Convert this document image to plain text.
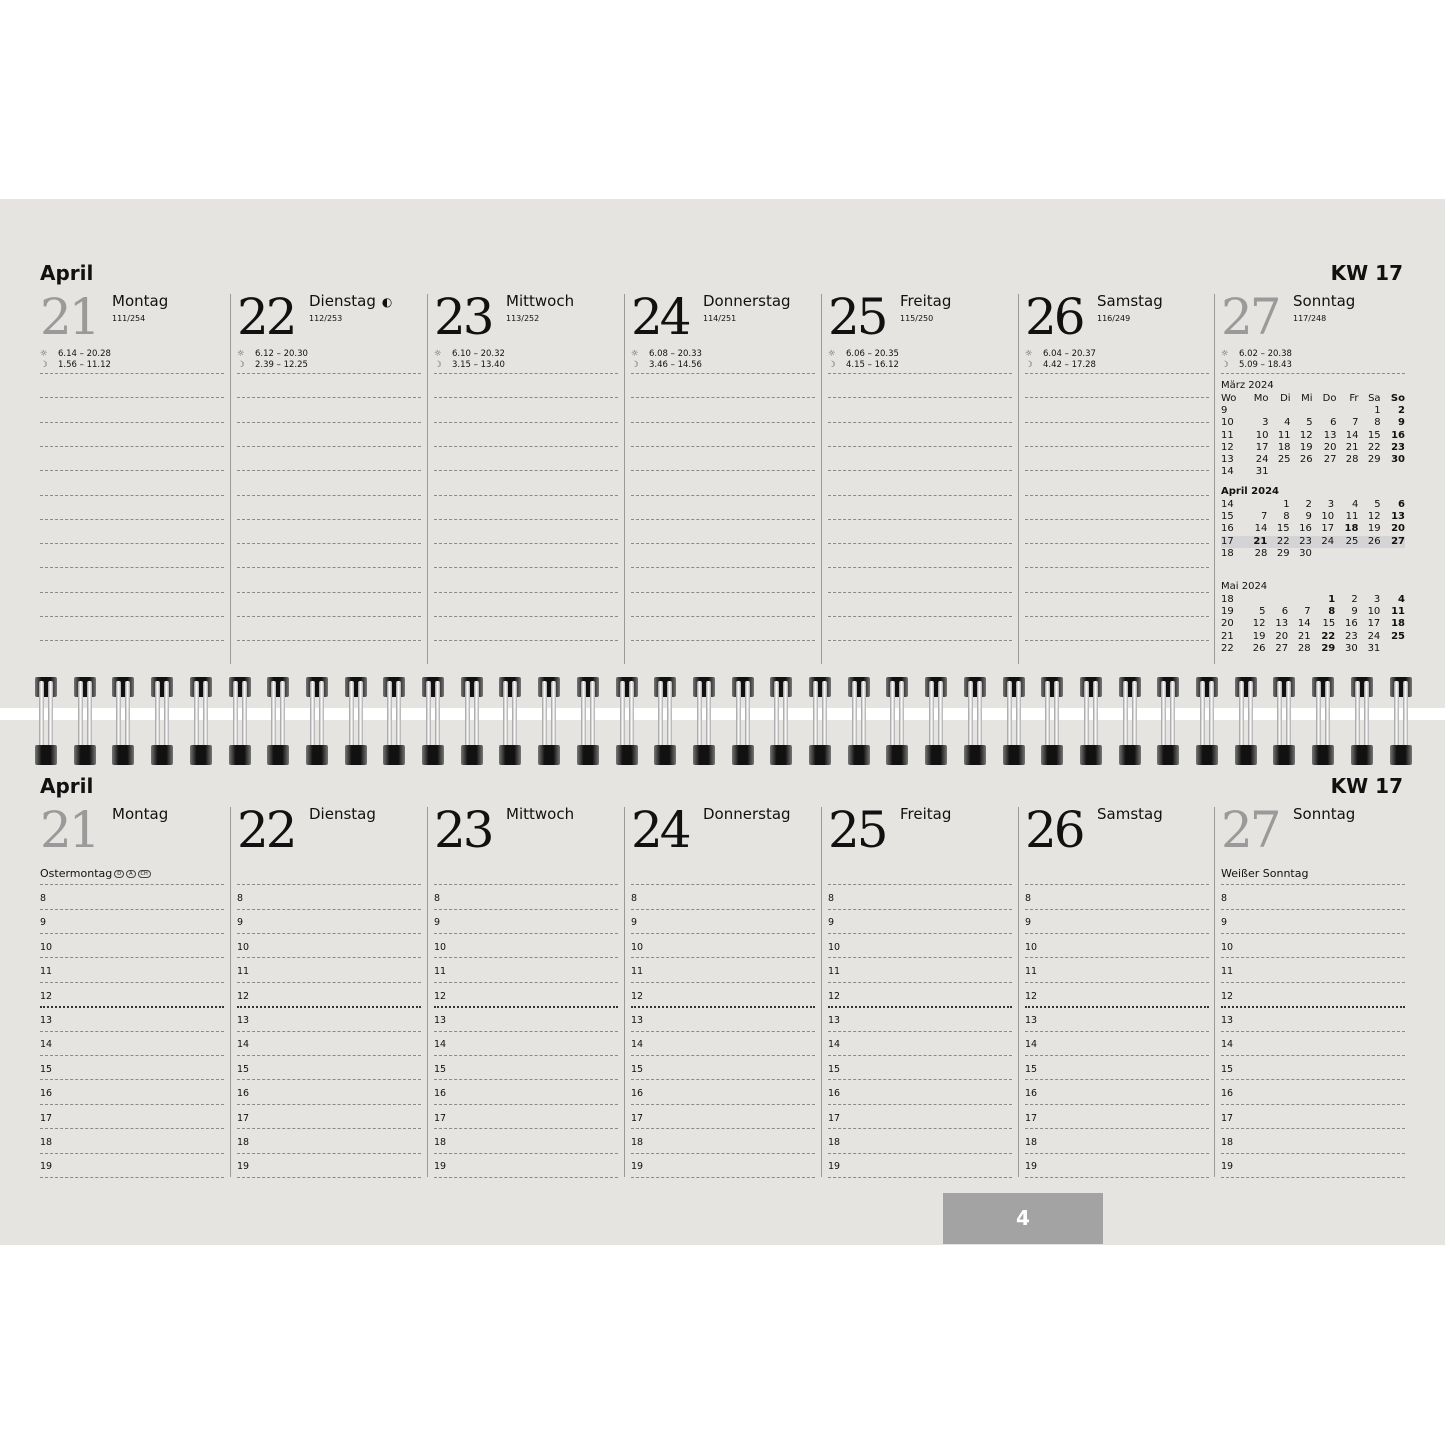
April	KW 17
April	KW 17
21 Montag
111/254
☼ 6.14 – 20.28
☽ 1.56 – 11.12
22 Dienstag ◐
112/253
☼ 6.12 – 20.30
☽ 2.39 – 12.25
23 Mittwoch
113/252
☼ 6.10 – 20.32
☽ 3.15 – 13.40
24 Donnerstag
114/251
☼ 6.08 – 20.33
☽ 3.46 – 14.56
25 Freitag
115/250
☼ 6.06 – 20.35
☽ 4.15 – 16.12
26 Samstag
116/249
☼ 6.04 – 20.37
☽ 4.42 – 17.28
27 Sonntag
117/248
☼ 6.02 – 20.38
☽ 5.09 – 18.43
März 2024
Wo	Mo	Di	Mi	Do	Fr	Sa	So
9						1	2
10	3	4	5	6	7	8	9
11	10	11	12	13	14	15	16
12	17	18	19	20	21	22	23
13	24	25	26	27	28	29	30
14	31						
April 2024
14		1	2	3	4	5	6
15	7	8	9	10	11	12	13
16	14	15	16	17	18	19	20
17	21	22	23	24	25	26	27
18	28	29	30				
Mai 2024
18				1	2	3	4
19	5	6	7	8	9	10	11
20	12	13	14	15	16	17	18
21	19	20	21	22	23	24	25
22	26	27	28	29	30	31	
21 Montag
Ostermontag D A CH
8
9
10
11
12
13
14
15
16
17
18
19
22 Dienstag
8
9
10
11
12
13
14
15
16
17
18
19
23 Mittwoch
8
9
10
11
12
13
14
15
16
17
18
19
24 Donnerstag
8
9
10
11
12
13
14
15
16
17
18
19
25 Freitag
8
9
10
11
12
13
14
15
16
17
18
19
26 Samstag
8
9
10
11
12
13
14
15
16
17
18
19
27 Sonntag
Weißer Sonntag
8
9
10
11
12
13
14
15
16
17
18
19
4
